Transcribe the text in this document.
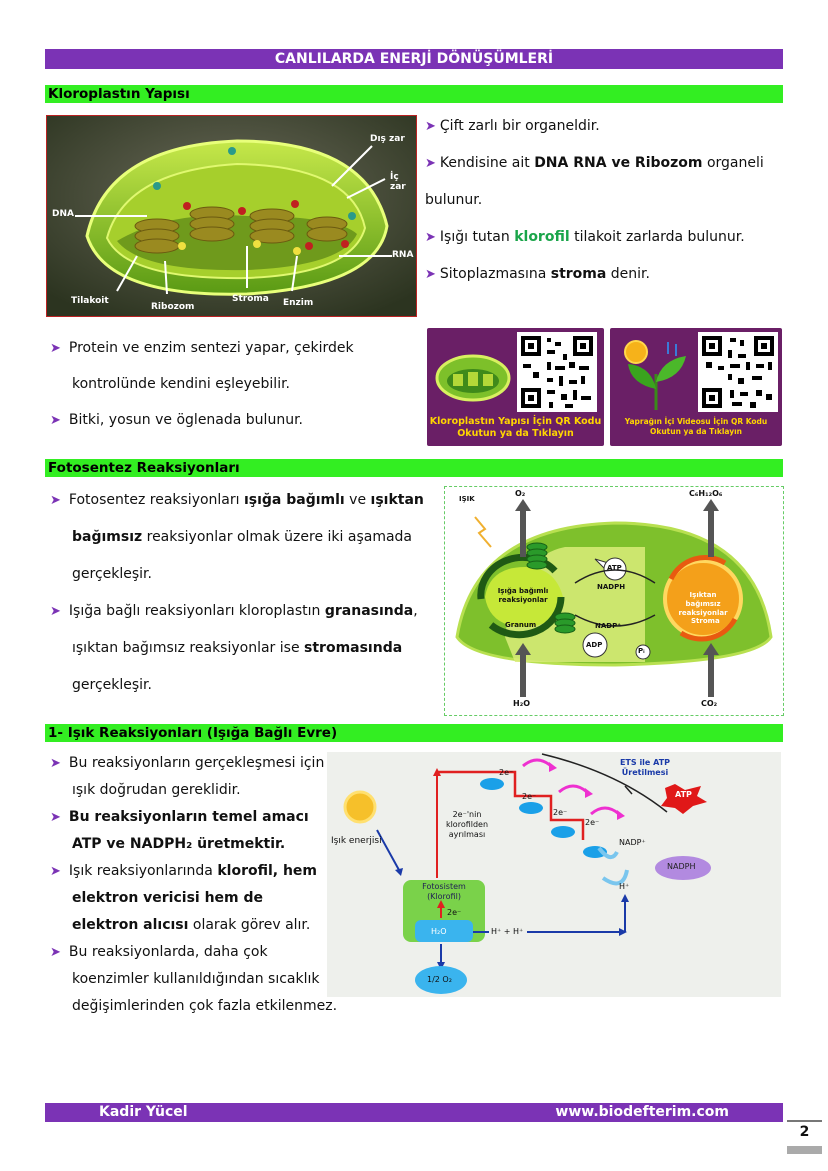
CANLILARDA ENERJİ DÖNÜŞÜMLERİ
Kloroplastın Yapısı
Dış zar
İç zar
DNA
RNA
Tilakoit
Ribozom
Stroma Enzim
➤ Çift zarlı bir organeldir.
➤ Kendisine ait DNA RNA ve Ribozom organeli
bulunur.
➤ Işığı tutan klorofil tilakoit zarlarda bulunur.
➤ Sitoplazmasına stroma denir.
➤ Protein ve enzim sentezi yapar, çekirdek
kontrolünde kendini eşleyebilir.
➤ Bitki, yosun ve öglenada bulunur.	Kloroplastın Yapısı İçin QR Kodu Okutun ya da Tıklayın
Yaprağın İçi Videosu İçin QR Kodu Okutun ya da Tıklayın
Fotosentez Reaksiyonları
➤ Fotosentez reaksiyonları ışığa bağımlı ve ışıktan
bağımsız reaksiyonlar olmak üzere iki aşamada
gerçekleşir.
➤ Işığa bağlı reaksiyonları kloroplastın granasında,
ışıktan bağımsız reaksiyonlar ise stromasında
gerçekleşir.
IŞIK
O₂	C₆H₁₂O₆
Işığa bağımlı reaksiyonlar
Granum
ATP
NADPH
NADP⁺
ADP
Pᵢ
Işıktan bağımsız reaksiyonlar
Stroma
H₂O	CO₂
1- Işık Reaksiyonları (Işığa Bağlı Evre)
➤ Bu reaksiyonların gerçekleşmesi için
ışık doğrudan gereklidir.
➤ Bu reaksiyonların temel amacı
ATP ve NADPH₂ üretmektir.
➤ Işık reaksiyonlarında klorofil, hem
elektron vericisi hem de
elektron alıcısı olarak görev alır.
➤ Bu reaksiyonlarda, daha çok
koenzimler kullanıldığından sıcaklık
değişimlerinden çok fazla etkilenmez.
Işık enerjisi
Fotosistem (Klorofil)
2e⁻
2e⁻'nin klorofilden ayrılması
H₂O
1/2 O₂
H⁺ + H⁺
2e⁻
2e⁻
2e⁻
2e⁻
ETS ile ATP Üretilmesi
ATP
NADP⁺
NADPH
H⁺
Kadir Yücel	www.biodefterim.com
2
